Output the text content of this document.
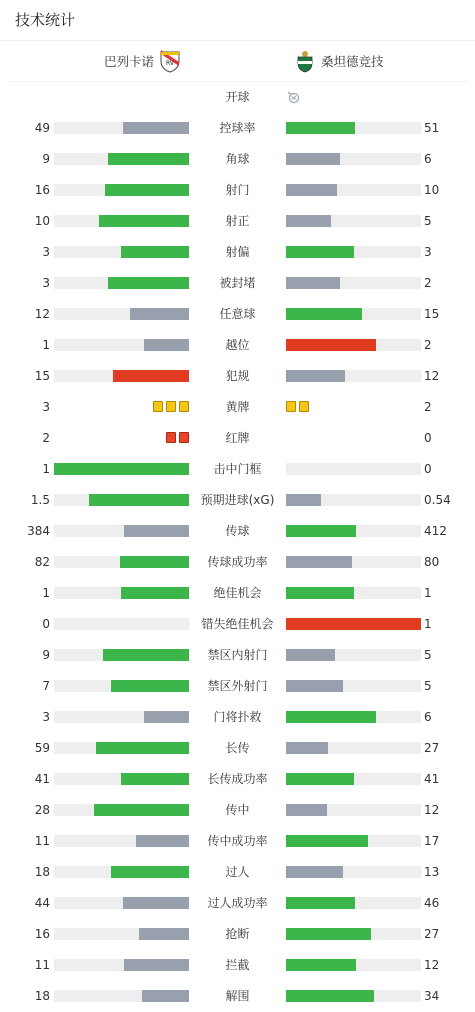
技术统计
巴列卡诺 RV	桑坦德竞技
开球
49	控球率	51
9	角球	6
16	射门	10
10	射正	5
3	射偏	3
3	被封堵	2
12	任意球	15
1	越位	2
15	犯规	12
3	黄牌	2
2	红牌	0
1	击中门框	0
1.5	预期进球(xG)	0.54
384	传球	412
82	传球成功率	80
1	绝佳机会	1
0	错失绝佳机会	1
9	禁区内射门	5
7	禁区外射门	5
3	门将扑救	6
59	长传	27
41	长传成功率	41
28	传中	12
11	传中成功率	17
18	过人	13
44	过人成功率	46
16	抢断	27
11	拦截	12
18	解围	34
